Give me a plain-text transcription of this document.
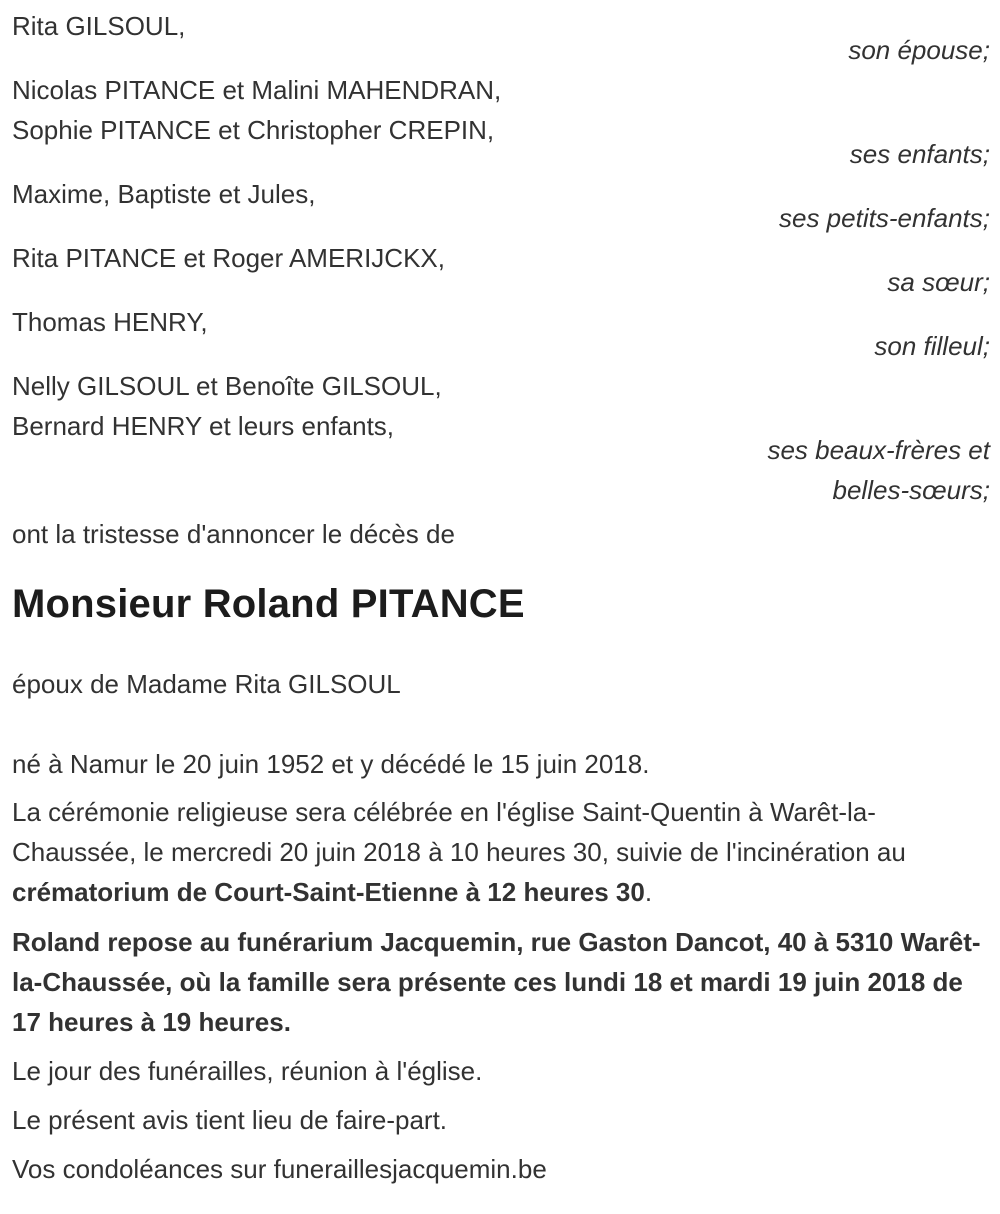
Rita GILSOUL,

son épouse;

Nicolas PITANCE et Malini MAHENDRAN,

Sophie PITANCE et Christopher CREPIN,

ses enfants;

Maxime, Baptiste et Jules,

ses petits-enfants;

Rita PITANCE et Roger AMERIJCKX,

sa sœur;

Thomas HENRY,

son filleul;

Nelly GILSOUL et Benoîte GILSOUL,

Bernard HENRY et leurs enfants,

ses beaux-frères et

belles-sœurs;

ont la tristesse d'annoncer le décès de

Monsieur Roland PITANCE

époux de Madame Rita GILSOUL

né à Namur le 20 juin 1952 et y décédé le 15 juin 2018.

La cérémonie religieuse sera célébrée en l'église Saint-Quentin à Warêt-la-Chaussée, le mercredi 20 juin 2018 à 10 heures 30, suivie de l'incinération au crématorium de Court-Saint-Etienne à 12 heures 30.

Roland repose au funérarium Jacquemin, rue Gaston Dancot, 40 à 5310 Warêt-la-Chaussée, où la famille sera présente ces lundi 18 et mardi 19 juin 2018 de 17 heures à 19 heures.

Le jour des funérailles, réunion à l'église.

Le présent avis tient lieu de faire-part.

Vos condoléances sur funeraillesjacquemin.be
